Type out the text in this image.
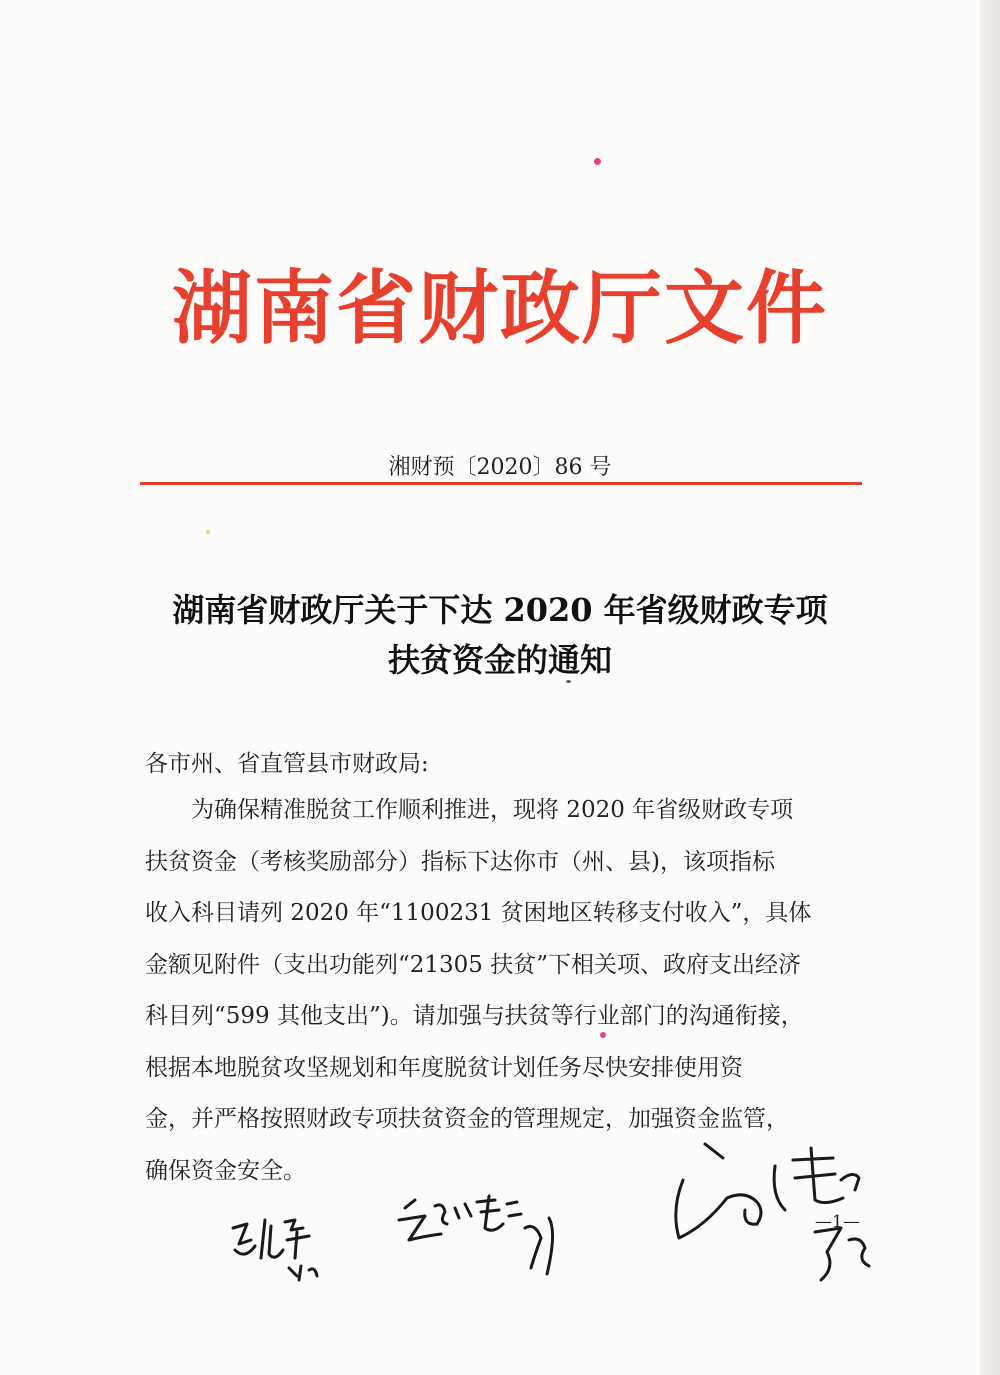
湖南省财政厅文件
湘财预〔2020〕86 号
湖南省财政厅关于下达 2020 年省级财政专项
扶贫资金的通知
各市州、省直管县市财政局:
　　为确保精准脱贫工作顺利推进，现将 2020 年省级财政专项
扶贫资金（考核奖励部分）指标下达你市（州、县)，该项指标
收入科目请列 2020 年“1100231 贫困地区转移支付收入”，具体
金额见附件（支出功能列“21305 扶贫”下相关项、政府支出经济
科目列“599 其他支出”)。请加强与扶贫等行业部门的沟通衔接，
根据本地脱贫攻坚规划和年度脱贫计划任务尽快安排使用资
金，并严格按照财政专项扶贫资金的管理规定，加强资金监管，
确保资金安全。
—1—
